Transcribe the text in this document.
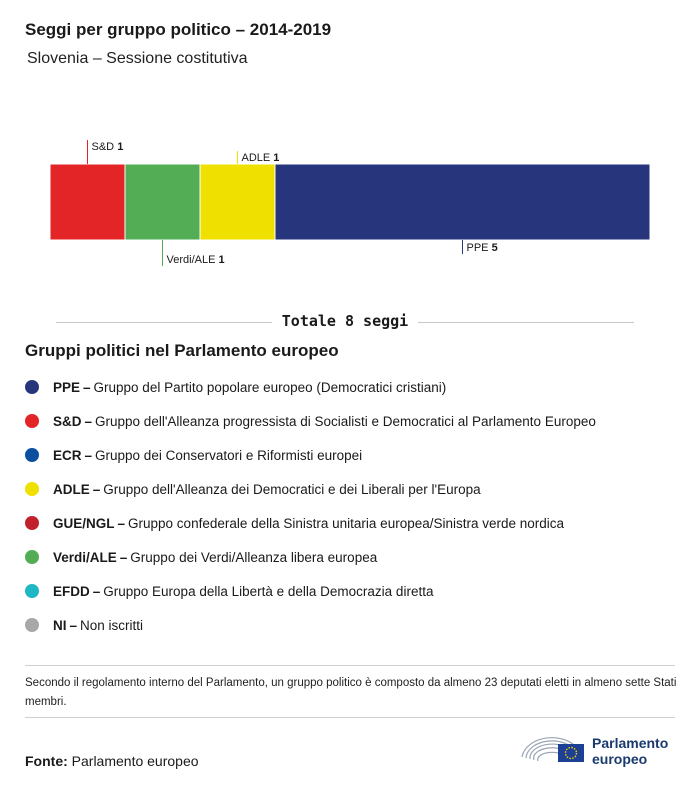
Seggi per gruppo politico – 2014-2019
Slovenia – Sessione costitutiva
S&D 1
Verdi/ALE 1
ADLE 1
PPE 5
Totale 8 seggi
Gruppi politici nel Parlamento europeo
PPE – Gruppo del Partito popolare europeo (Democratici cristiani)
S&D – Gruppo dell'Alleanza progressista di Socialisti e Democratici al Parlamento Europeo
ECR – Gruppo dei Conservatori e Riformisti europei
ADLE – Gruppo dell'Alleanza dei Democratici e dei Liberali per l'Europa
GUE/NGL – Gruppo confederale della Sinistra unitaria europea/Sinistra verde nordica
Verdi/ALE – Gruppo dei Verdi/Alleanza libera europea
EFDD – Gruppo Europa della Libertà e della Democrazia diretta
NI – Non iscritti
Secondo il regolamento interno del Parlamento, un gruppo politico è composto da almeno 23 deputati eletti in almeno sette Stati membri.
Fonte: Parlamento europeo
Parlamento
europeo
